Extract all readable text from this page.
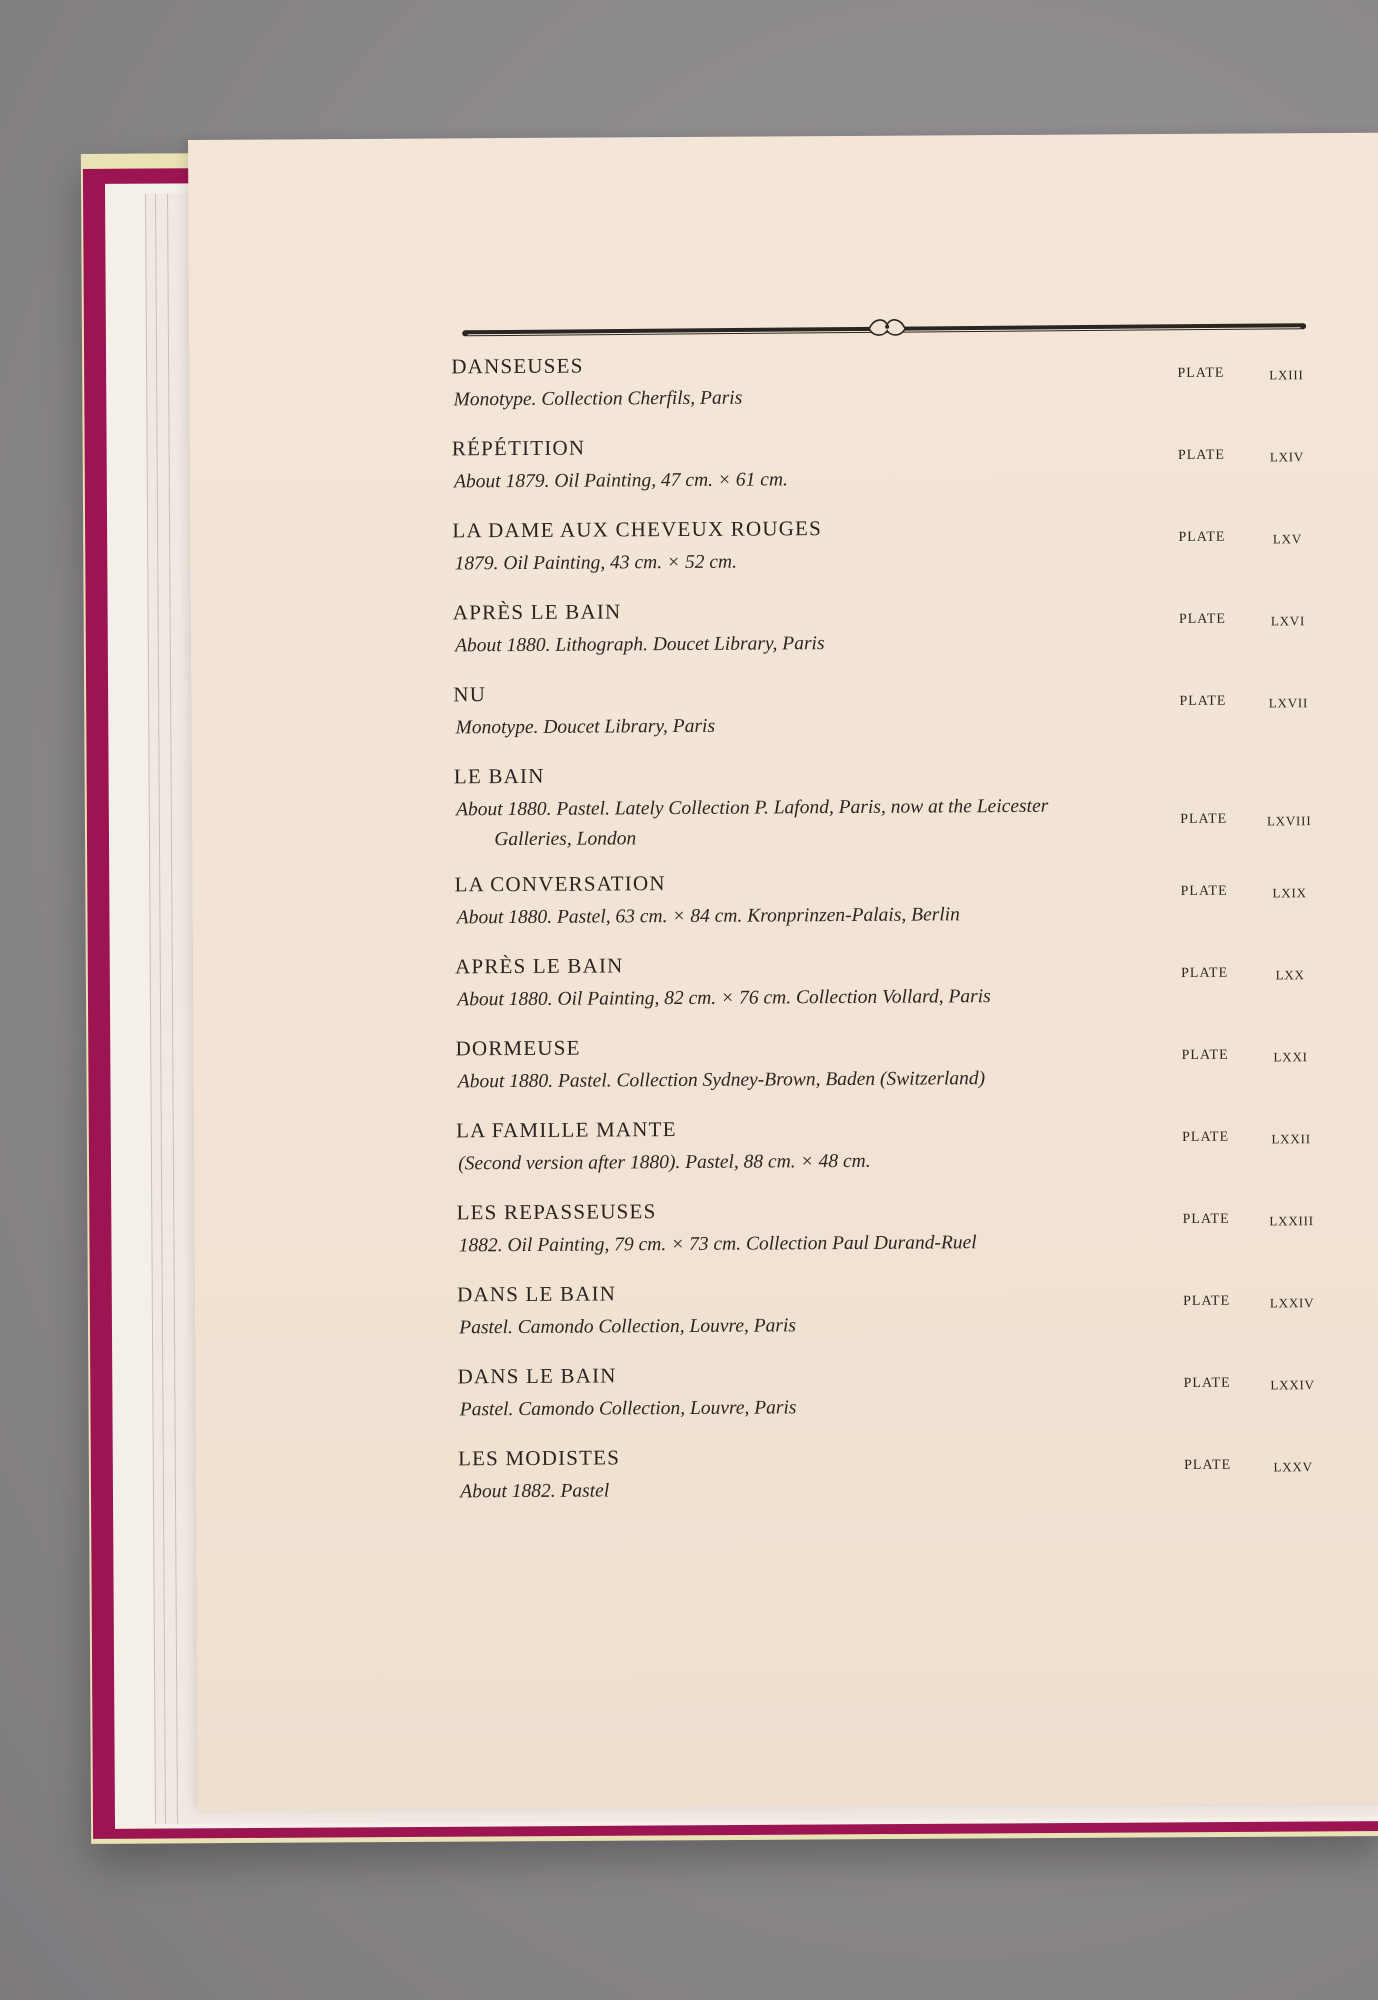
DANSEUSES
Monotype. Collection Cherfils, Paris
PLATE	LXIII
RÉPÉTITION
About 1879. Oil Painting, 47 cm. × 61 cm.
PLATE	LXIV
LA DAME AUX CHEVEUX ROUGES
1879. Oil Painting, 43 cm. × 52 cm.
PLATE	LXV
APRÈS LE BAIN
About 1880. Lithograph. Doucet Library, Paris
PLATE	LXVI
NU
Monotype. Doucet Library, Paris
PLATE	LXVII
LE BAIN
About 1880. Pastel. Lately Collection P. Lafond, Paris, now at the Leicester
Galleries, London
PLATE	LXVIII
LA CONVERSATION
About 1880. Pastel, 63 cm. × 84 cm. Kronprinzen-Palais, Berlin
PLATE	LXIX
APRÈS LE BAIN
About 1880. Oil Painting, 82 cm. × 76 cm. Collection Vollard, Paris
PLATE	LXX
DORMEUSE
About 1880. Pastel. Collection Sydney-Brown, Baden (Switzerland)
PLATE	LXXI
LA FAMILLE MANTE
(Second version after 1880). Pastel, 88 cm. × 48 cm.
PLATE	LXXII
LES REPASSEUSES
1882. Oil Painting, 79 cm. × 73 cm. Collection Paul Durand-Ruel
PLATE	LXXIII
DANS LE BAIN
Pastel. Camondo Collection, Louvre, Paris
PLATE	LXXIV
DANS LE BAIN
Pastel. Camondo Collection, Louvre, Paris
PLATE	LXXIV
LES MODISTES
About 1882. Pastel
PLATE	LXXV
